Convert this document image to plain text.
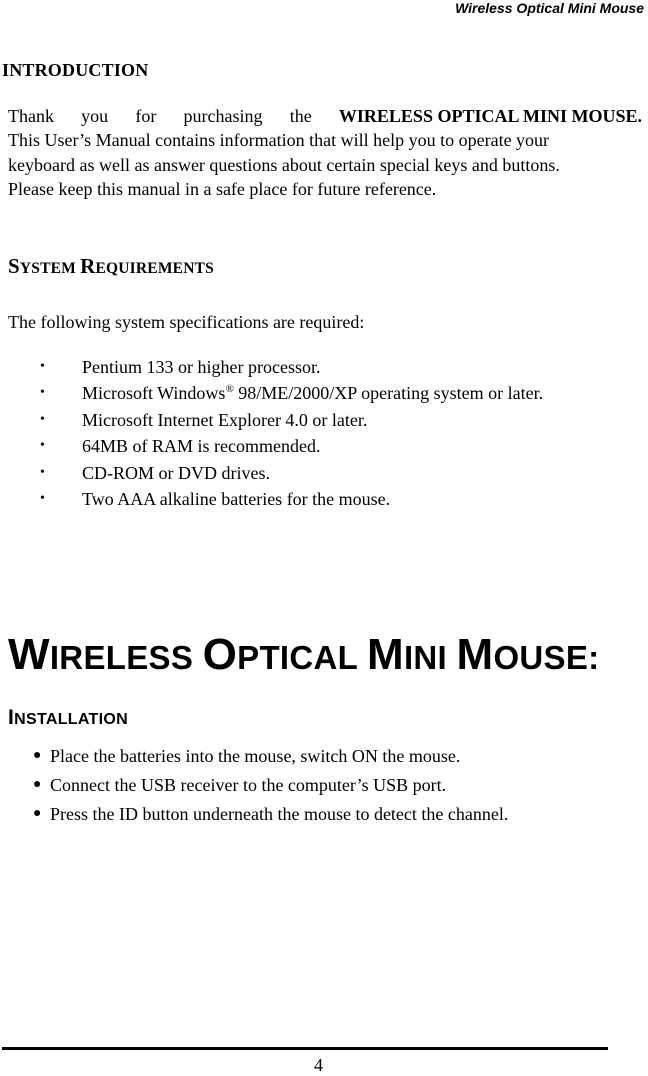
Wireless Optical Mini Mouse
INTRODUCTION
Thank you for purchasing the WIRELESS OPTICAL MINI MOUSE.
This User’s Manual contains information that will help you to operate your
keyboard as well as answer questions about certain special keys and buttons.
Please keep this manual in a safe place for future reference.
SYSTEM REQUIREMENTS
The following system specifications are required:
• Pentium 133 or higher processor.
• Microsoft Windows® 98/ME/2000/XP operating system or later.
• Microsoft Internet Explorer 4.0 or later.
• 64MB of RAM is recommended.
• CD-ROM or DVD drives.
• Two AAA alkaline batteries for the mouse.
WIRELESS OPTICAL MINI MOUSE:
INSTALLATION
● Place the batteries into the mouse, switch ON the mouse.
● Connect the USB receiver to the computer’s USB port.
● Press the ID button underneath the mouse to detect the channel.
4
